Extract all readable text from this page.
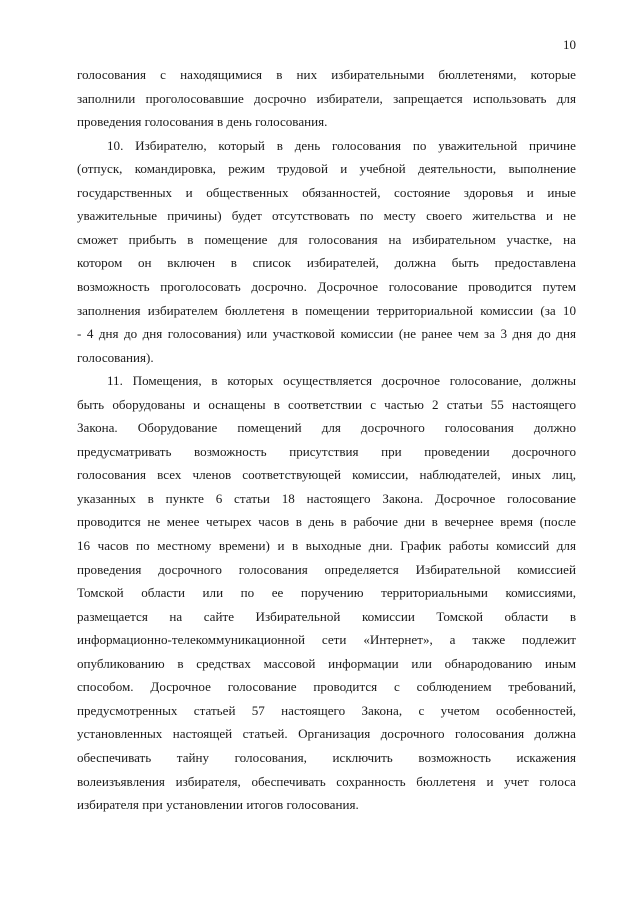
10
голосования с находящимися в них избирательными бюллетенями, которые
заполнили проголосовавшие досрочно избиратели, запрещается использовать для
проведения голосования в день голосования.
10. Избирателю, который в день голосования по уважительной причине
(отпуск, командировка, режим трудовой и учебной деятельности, выполнение
государственных и общественных обязанностей, состояние здоровья и иные
уважительные причины) будет отсутствовать по месту своего жительства и не
сможет прибыть в помещение для голосования на избирательном участке, на
котором он включен в список избирателей, должна быть предоставлена
возможность проголосовать досрочно. Досрочное голосование проводится путем
заполнения избирателем бюллетеня в помещении территориальной комиссии (за 10
- 4 дня до дня голосования) или участковой комиссии (не ранее чем за 3 дня до дня
голосования).
11. Помещения, в которых осуществляется досрочное голосование, должны
быть оборудованы и оснащены в соответствии с частью 2 статьи 55 настоящего
Закона. Оборудование помещений для досрочного голосования должно
предусматривать возможность присутствия при проведении досрочного
голосования всех членов соответствующей комиссии, наблюдателей, иных лиц,
указанных в пункте 6 статьи 18 настоящего Закона. Досрочное голосование
проводится не менее четырех часов в день в рабочие дни в вечернее время (после
16 часов по местному времени) и в выходные дни. График работы комиссий для
проведения досрочного голосования определяется Избирательной комиссией
Томской области или по ее поручению территориальными комиссиями,
размещается на сайте Избирательной комиссии Томской области в
информационно-телекоммуникационной сети «Интернет», а также подлежит
опубликованию в средствах массовой информации или обнародованию иным
способом. Досрочное голосование проводится с соблюдением требований,
предусмотренных статьей 57 настоящего Закона, с учетом особенностей,
установленных настоящей статьей. Организация досрочного голосования должна
обеспечивать тайну голосования, исключить возможность искажения
волеизъявления избирателя, обеспечивать сохранность бюллетеня и учет голоса
избирателя при установлении итогов голосования.
